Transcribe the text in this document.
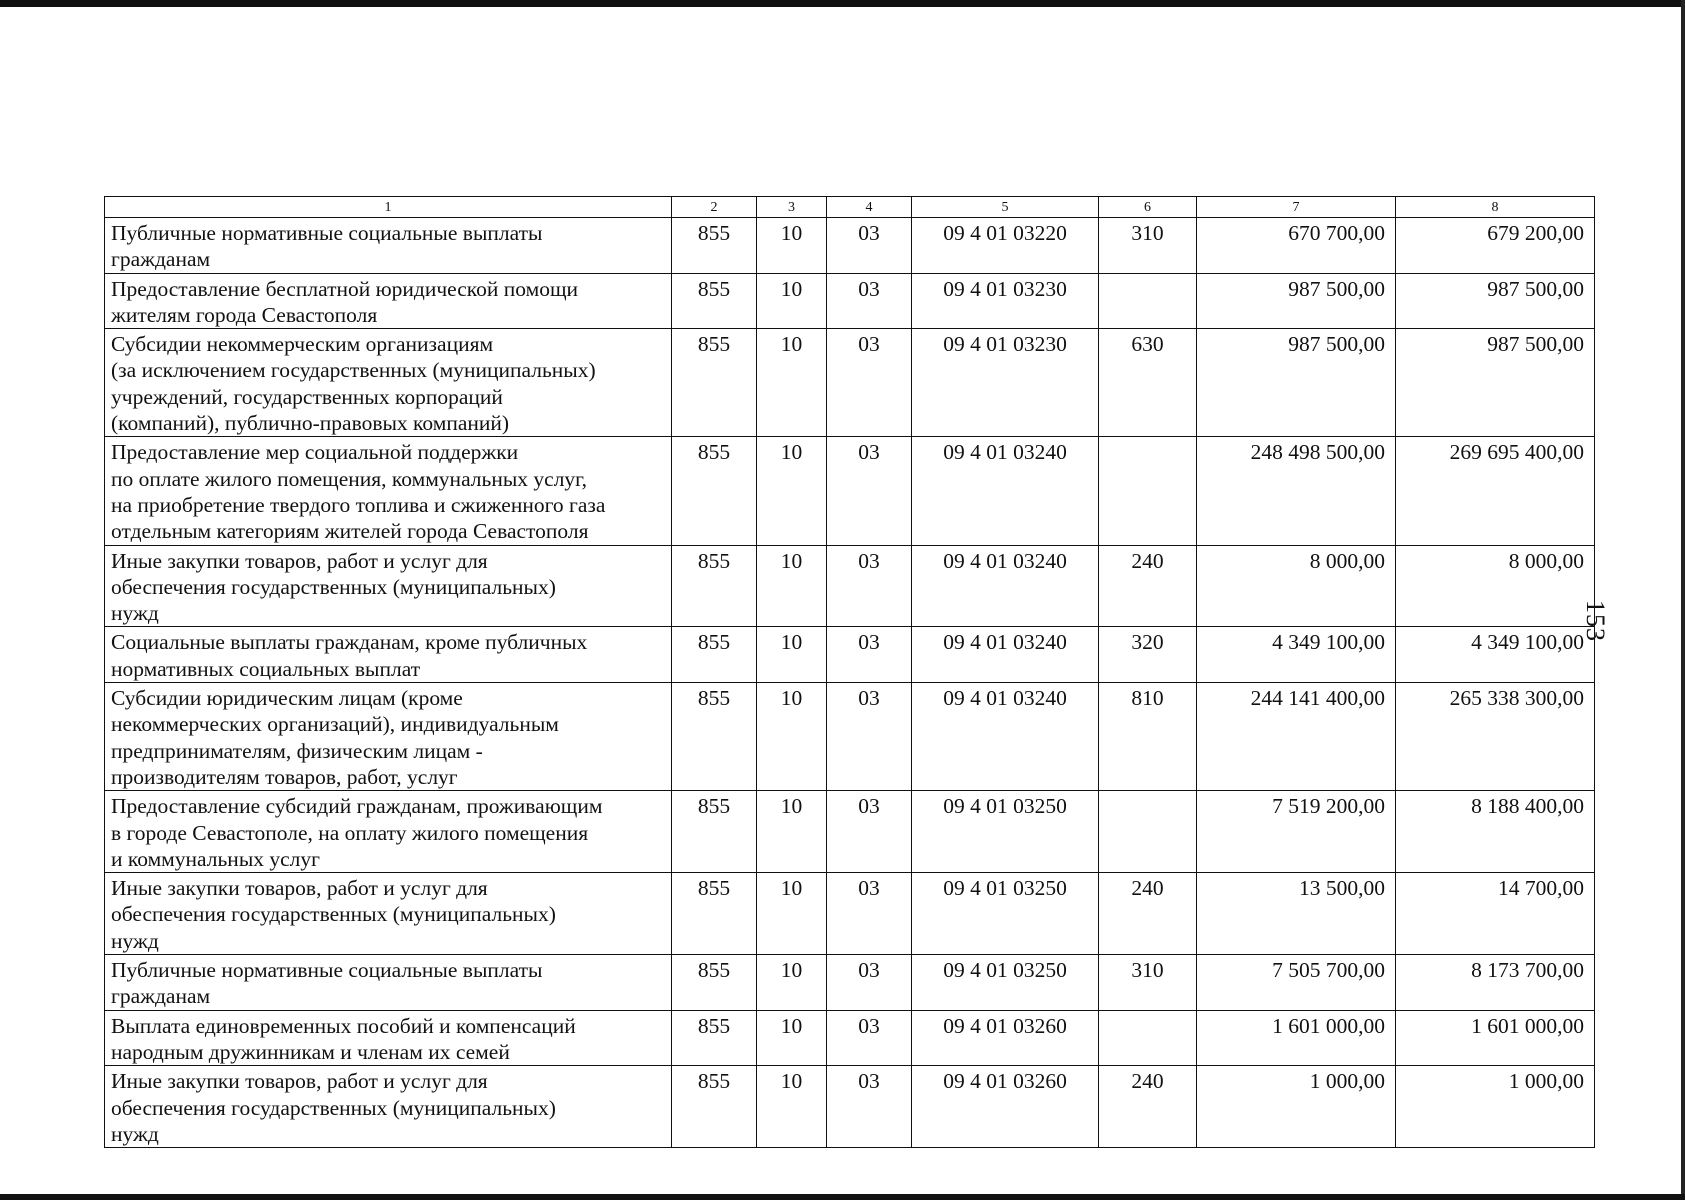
153
1	2	3	4	5	6	7	8
Публичные нормативные социальные выплаты
гражданам	855	10	03	09 4 01 03220	310	670 700,00	679 200,00
Предоставление бесплатной юридической помощи
жителям города Севастополя	855	10	03	09 4 01 03230		987 500,00	987 500,00
Субсидии некоммерческим организациям
(за исключением государственных (муниципальных)
учреждений, государственных корпораций
(компаний), публично-правовых компаний)	855	10	03	09 4 01 03230	630	987 500,00	987 500,00
Предоставление мер социальной поддержки
по оплате жилого помещения, коммунальных услуг,
на приобретение твердого топлива и сжиженного газа
отдельным категориям жителей города Севастополя	855	10	03	09 4 01 03240		248 498 500,00	269 695 400,00
Иные закупки товаров, работ и услуг для
обеспечения государственных (муниципальных)
нужд	855	10	03	09 4 01 03240	240	8 000,00	8 000,00
Социальные выплаты гражданам, кроме публичных
нормативных социальных выплат	855	10	03	09 4 01 03240	320	4 349 100,00	4 349 100,00
Субсидии юридическим лицам (кроме
некоммерческих организаций), индивидуальным
предпринимателям, физическим лицам -
производителям товаров, работ, услуг	855	10	03	09 4 01 03240	810	244 141 400,00	265 338 300,00
Предоставление субсидий гражданам, проживающим
в городе Севастополе, на оплату жилого помещения
и коммунальных услуг	855	10	03	09 4 01 03250		7 519 200,00	8 188 400,00
Иные закупки товаров, работ и услуг для
обеспечения государственных (муниципальных)
нужд	855	10	03	09 4 01 03250	240	13 500,00	14 700,00
Публичные нормативные социальные выплаты
гражданам	855	10	03	09 4 01 03250	310	7 505 700,00	8 173 700,00
Выплата единовременных пособий и компенсаций
народным дружинникам и членам их семей	855	10	03	09 4 01 03260		1 601 000,00	1 601 000,00
Иные закупки товаров, работ и услуг для
обеспечения государственных (муниципальных)
нужд	855	10	03	09 4 01 03260	240	1 000,00	1 000,00
